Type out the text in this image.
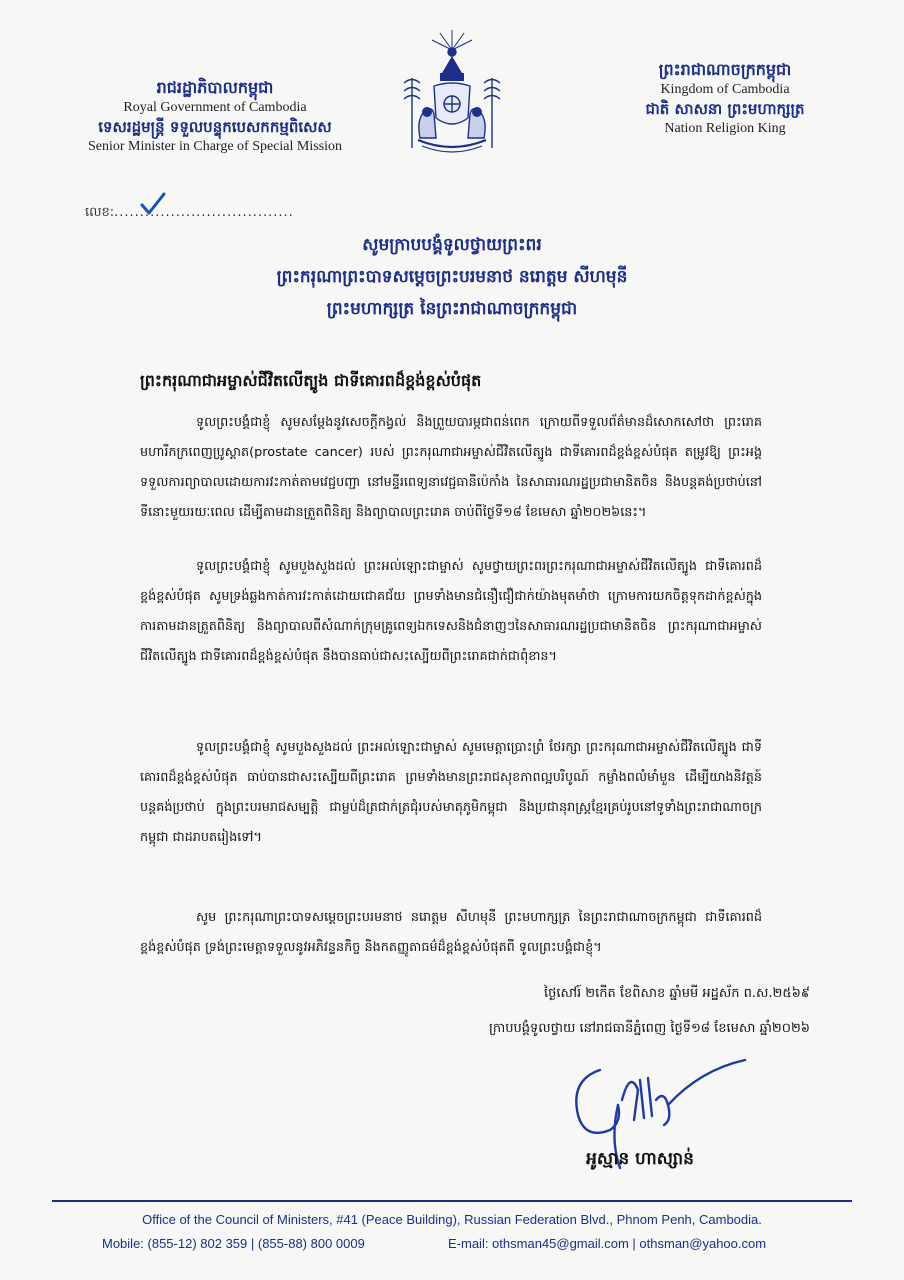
រាជរដ្ឋាភិបាលកម្ពុជា
Royal Government of Cambodia
ទេសរដ្ឋមន្ត្រី ទទួលបន្ទុកបេសកកម្មពិសេស
Senior Minister in Charge of Special Mission
លេខ:...................................
ព្រះរាជាណាចក្រកម្ពុជា
Kingdom of Cambodia
ជាតិ សាសនា ព្រះមហាក្សត្រ
Nation Religion King
សូមក្រាបបង្គំទូលថ្វាយព្រះពរ
ព្រះករុណាព្រះបាទសម្តេចព្រះបរមនាថ នរោត្តម សីហមុនី
ព្រះមហាក្សត្រ នៃព្រះរាជាណាចក្រកម្ពុជា
ព្រះករុណាជាអម្ចាស់ជីវិតលើត្បូង ជាទីគោរពដ៏ខ្ពង់ខ្ពស់បំផុត
ទូលព្រះបង្គំជាខ្ញុំ សូមសម្តែងនូវសេចក្តីកង្វល់ និងព្រួយបារម្ភជាពន់ពេក ក្រោយពីទទួលព័ត៌មានដ៏សោកសៅថា ព្រះរោគមហារីកក្រពេញប្រូស្តាត(prostate cancer) របស់ ព្រះករុណាជាអម្ចាស់ជីវិតលើត្បូង ជាទីគោរពដ៏ខ្ពង់ខ្ពស់បំផុត តម្រូវឱ្យ ព្រះអង្គ ទទួលការព្យាបាលដោយការវះកាត់តាមវេជ្ជបញ្ជា នៅមន្ទីរពេទ្យនាវេជ្ជធានីប៉េកាំង នៃសាធារណរដ្ឋប្រជាមានិតចិន និងបន្តគង់ប្រថាប់នៅទីនោះមួយរយៈពេល ដើម្បីតាមដានត្រួតពិនិត្យ និងព្យាបាលព្រះរោគ ចាប់ពីថ្ងៃទី១៨ ខែមេសា ឆ្នាំ២០២៦នេះ។
ទូលព្រះបង្គំជាខ្ញុំ សូមបួងសួងដល់ ព្រះអល់ឡោះជាម្ចាស់ សូមថ្វាយព្រះពរព្រះករុណាជាអម្ចាស់ជីវិតលើត្បូង ជាទីគោរពដ៏ខ្ពង់ខ្ពស់បំផុត សូមទ្រង់ឆ្លងកាត់ការវះកាត់ដោយជោគជ័យ ព្រមទាំងមានជំនឿជឿជាក់យ៉ាងមុតមាំថា ក្រោមការយកចិត្តទុកដាក់ខ្ពស់ក្នុងការតាមដានត្រួតពិនិត្យ និងព្យាបាលពីសំណាក់ក្រុមគ្រូពេទ្យឯកទេសនិងជំនាញៗនៃសាធារណរដ្ឋប្រជាមានិតចិន ព្រះករុណាជាអម្ចាស់ជីវិតលើត្បូង ជាទីគោរពដ៏ខ្ពង់ខ្ពស់បំផុត នឹងបានធាប់ជាសះស្បើយពីព្រះរោគជាក់ជាពុំខាន។
ទូលព្រះបង្គំជាខ្ញុំ សូមបួងសួងដល់ ព្រះអល់ឡោះជាម្ចាស់ សូមមេត្តាប្រោះព្រំ ថែរក្សា ព្រះករុណាជាអម្ចាស់ជីវិតលើត្បូង ជាទីគោរពដ៏ខ្ពង់ខ្ពស់បំផុត ធាប់បានជាសះស្បើយពីព្រះរោគ ព្រមទាំងមានព្រះរាជសុខភាពល្អបរិបូណ៍ កម្លាំងពលំមាំមួន ដើម្បីយាងនិវត្តន៍បន្តគង់ប្រថាប់ ក្នុងព្រះបរមរាជសម្បត្តិ ជាម្លប់ដ៏ត្រជាក់ត្រជុំរបស់មាតុភូមិកម្ពុជា និងប្រជានុរាស្ត្រខ្មែរគ្រប់រូបនៅទូទាំងព្រះរាជាណាចក្រកម្ពុជា ជាដរាបតរៀងទៅ។
សូម ព្រះករុណាព្រះបាទសម្តេចព្រះបរមនាថ នរោត្តម សីហមុនី ព្រះមហាក្សត្រ នៃព្រះរាជាណាចក្រកម្ពុជា ជាទីគោរពដ៏ខ្ពង់ខ្ពស់បំផុត ទ្រង់ព្រះមេត្តាទទួលនូវអភិវន្ទនកិច្ច និងកតញ្ញូតាធម៌ដ៏ខ្ពង់ខ្ពស់បំផុតពី ទូលព្រះបង្គំជាខ្ញុំ។
ថ្ងៃសៅរ៍ ២កើត ខែពិសាខ ឆ្នាំមមី អដ្ឋស័ក ព.ស.២៥៦៩
ក្រាបបង្គំទូលថ្វាយ នៅរាជធានីភ្នំពេញ ថ្ងៃទី១៨ ខែមេសា ឆ្នាំ២០២៦
អូស្មាន ហាស្សាន់
Office of the Council of Ministers, #41 (Peace Building), Russian Federation Blvd., Phnom Penh, Cambodia.
Mobile: (855-12) 802 359 | (855-88) 800 0009	E-mail: othsman45@gmail.com | othsman@yahoo.com
